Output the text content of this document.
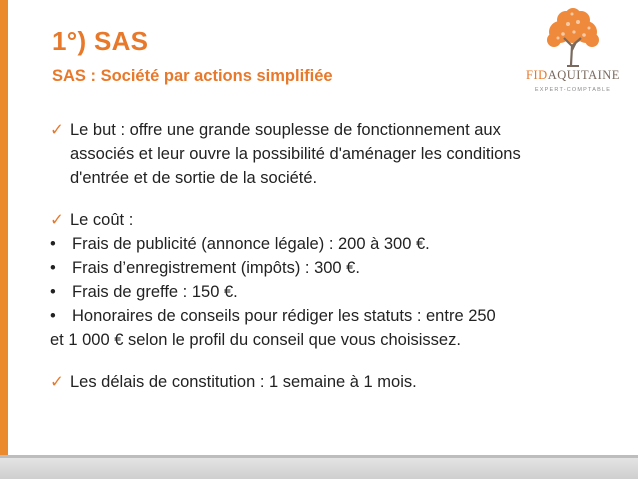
1°) SAS
SAS : Société par actions simplifiée	FIDAQUITAINE
EXPERT-COMPTABLE
✓ Le but : offre une grande souplesse de fonctionnement aux
associés et leur ouvre la possibilité d'aménager les conditions
d'entrée et de sortie de la société.
✓ Le coût :
• Frais de publicité (annonce légale) : 200 à 300 €.
• Frais d’enregistrement (impôts) : 300 €.
• Frais de greffe : 150 €.
• Honoraires de conseils pour rédiger les statuts : entre 250
et 1 000 € selon le profil du conseil que vous choisissez.
✓ Les délais de constitution : 1 semaine à 1 mois.
